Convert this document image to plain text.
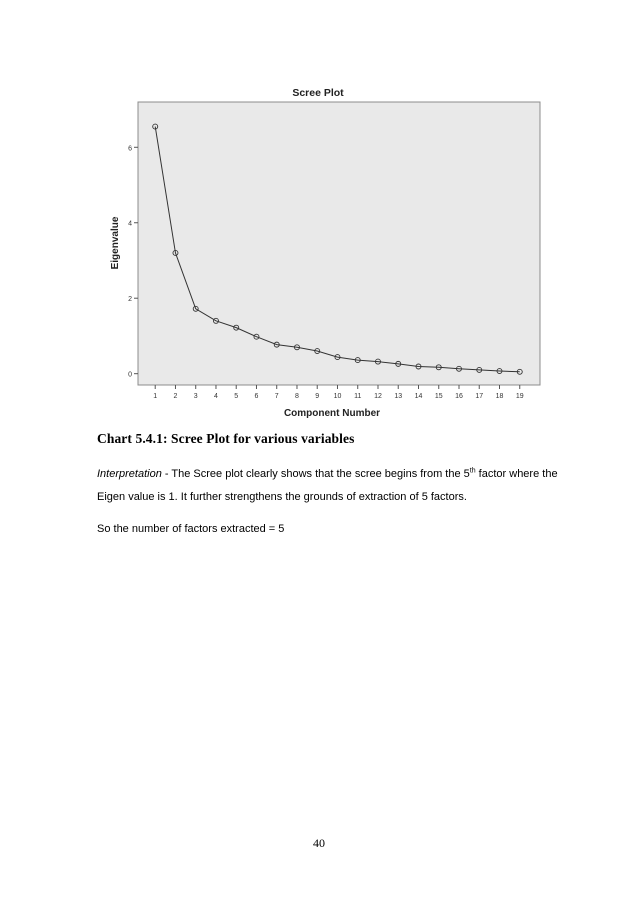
Scree Plot
0
2
4
6
1 2 3 4 5 6 7 8 9 10 11 12 13 14 15 16 17 18 19
Eigenvalue
Component Number
Chart 5.4.1: Scree Plot for various variables
Interpretation - The Scree plot clearly shows that the scree begins from the 5th factor where the
Eigen value is 1. It further strengthens the grounds of extraction of 5 factors.
So the number of factors extracted = 5
40
